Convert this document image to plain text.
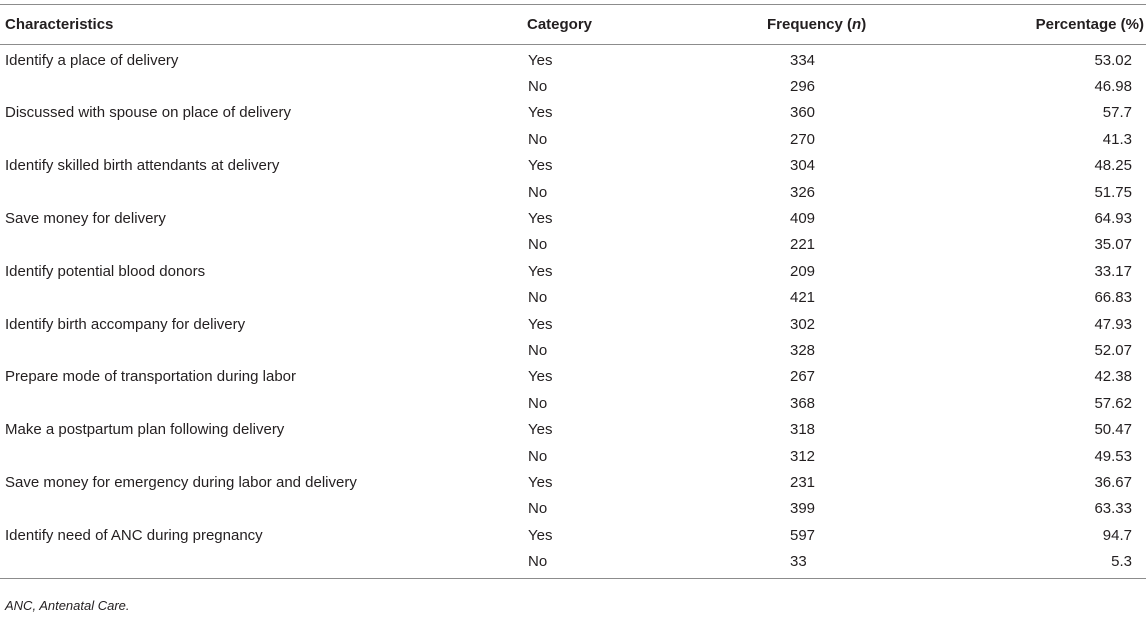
Characteristics	Category	Frequency (n)	Percentage (%)
Identify a place of delivery	Yes	334	53.02
	No	296	46.98
Discussed with spouse on place of delivery	Yes	360	57.7
	No	270	41.3
Identify skilled birth attendants at delivery	Yes	304	48.25
	No	326	51.75
Save money for delivery	Yes	409	64.93
	No	221	35.07
Identify potential blood donors	Yes	209	33.17
	No	421	66.83
Identify birth accompany for delivery	Yes	302	47.93
	No	328	52.07
Prepare mode of transportation during labor	Yes	267	42.38
	No	368	57.62
Make a postpartum plan following delivery	Yes	318	50.47
	No	312	49.53
Save money for emergency during labor and delivery	Yes	231	36.67
	No	399	63.33
Identify need of ANC during pregnancy	Yes	597	94.7
	No	33	5.3
ANC, Antenatal Care.
